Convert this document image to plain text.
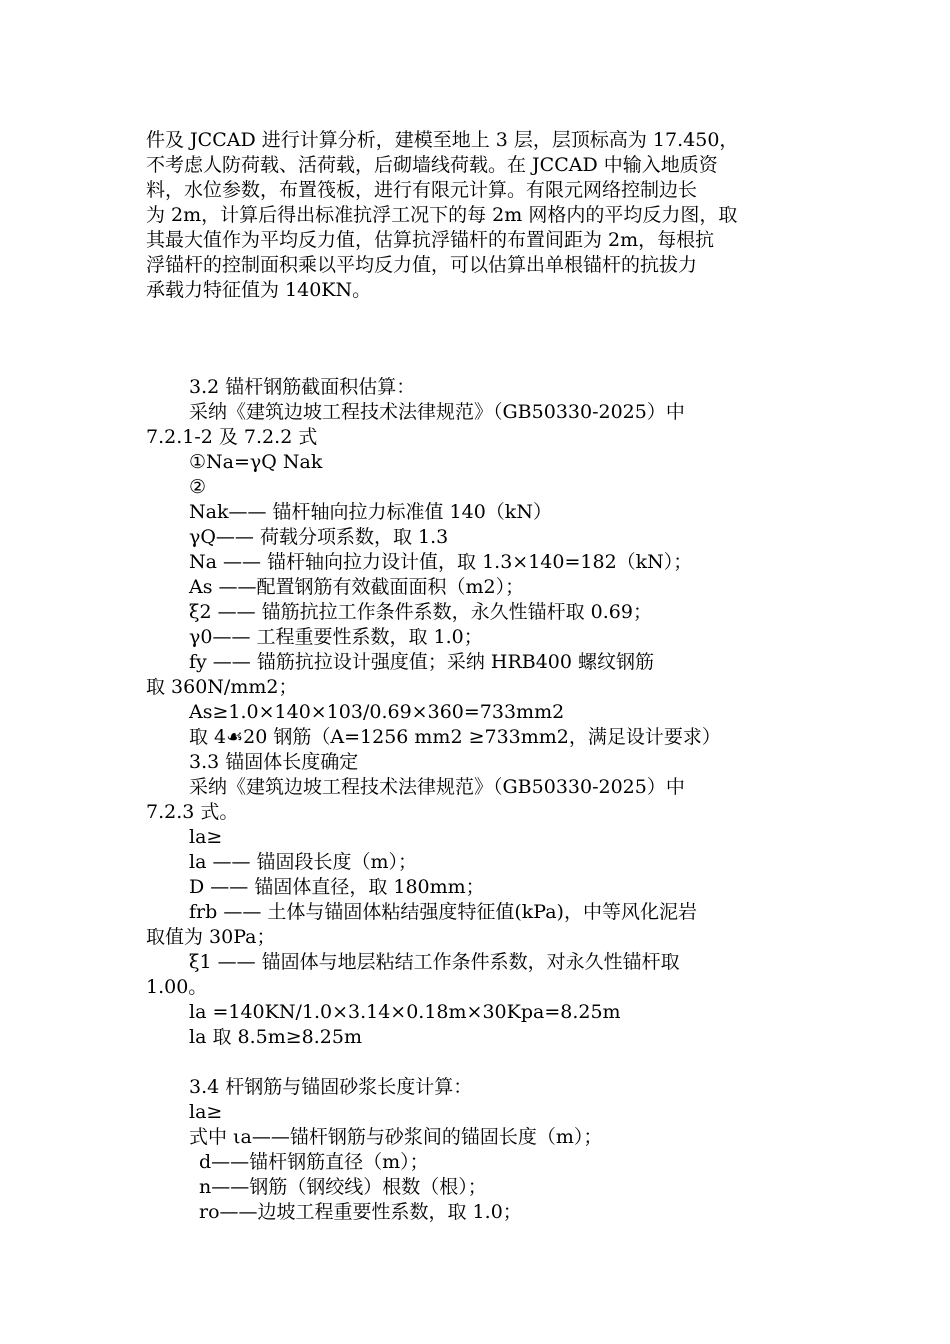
件及 JCCAD 进行计算分析，建模至地上 3 层，层顶标高为 17.450，
不考虑人防荷载、活荷载，后砌墙线荷载。在 JCCAD 中输入地质资
料，水位参数，布置筏板，进行有限元计算。有限元网络控制边长
为 2m，计算后得出标准抗浮工况下的每 2m 网格内的平均反力图，取
其最大值作为平均反力值，估算抗浮锚杆的布置间距为 2m，每根抗
浮锚杆的控制面积乘以平均反力值，可以估算出单根锚杆的抗拔力
承载力特征值为 140KN。
3.2 锚杆钢筋截面积估算：
采纳《建筑边坡工程技术法律规范》（GB50330-2025）中
7.2.1-2 及 7.2.2 式
①Na=γQ Nak
②
Nak—— 锚杆轴向拉力标准值 140（kN）
γQ—— 荷载分项系数，取 1.3
Na —— 锚杆轴向拉力设计值，取 1.3×140=182（kN）；
As ——配置钢筋有效截面面积（m2）；
ξ2 —— 锚筋抗拉工作条件系数，永久性锚杆取 0.69；
γ0—— 工程重要性系数，取 1.0；
fy —— 锚筋抗拉设计强度值；采纳 HRB400 螺纹钢筋
取 360N/mm2；
As≥1.0×140×103/0.69×360=733mm2
取 4☙20 钢筋（A=1256 mm2 ≥733mm2，满足设计要求）
3.3 锚固体长度确定
采纳《建筑边坡工程技术法律规范》（GB50330-2025）中
7.2.3 式。
la≥
la —— 锚固段长度（m）；
D —— 锚固体直径，取 180mm；
frb —— 土体与锚固体粘结强度特征值(kPa)，中等风化泥岩
取值为 30Pa；
ξ1 —— 锚固体与地层粘结工作条件系数，对永久性锚杆取
1.00。
la =140KN/1.0×3.14×0.18m×30Kpa=8.25m
la 取 8.5m≥8.25m
3.4 杆钢筋与锚固砂浆长度计算：
la≥
式中 ιa——锚杆钢筋与砂浆间的锚固长度（m）；
d——锚杆钢筋直径（m）；
n——钢筋（钢绞线）根数（根）；
ro——边坡工程重要性系数，取 1.0；
